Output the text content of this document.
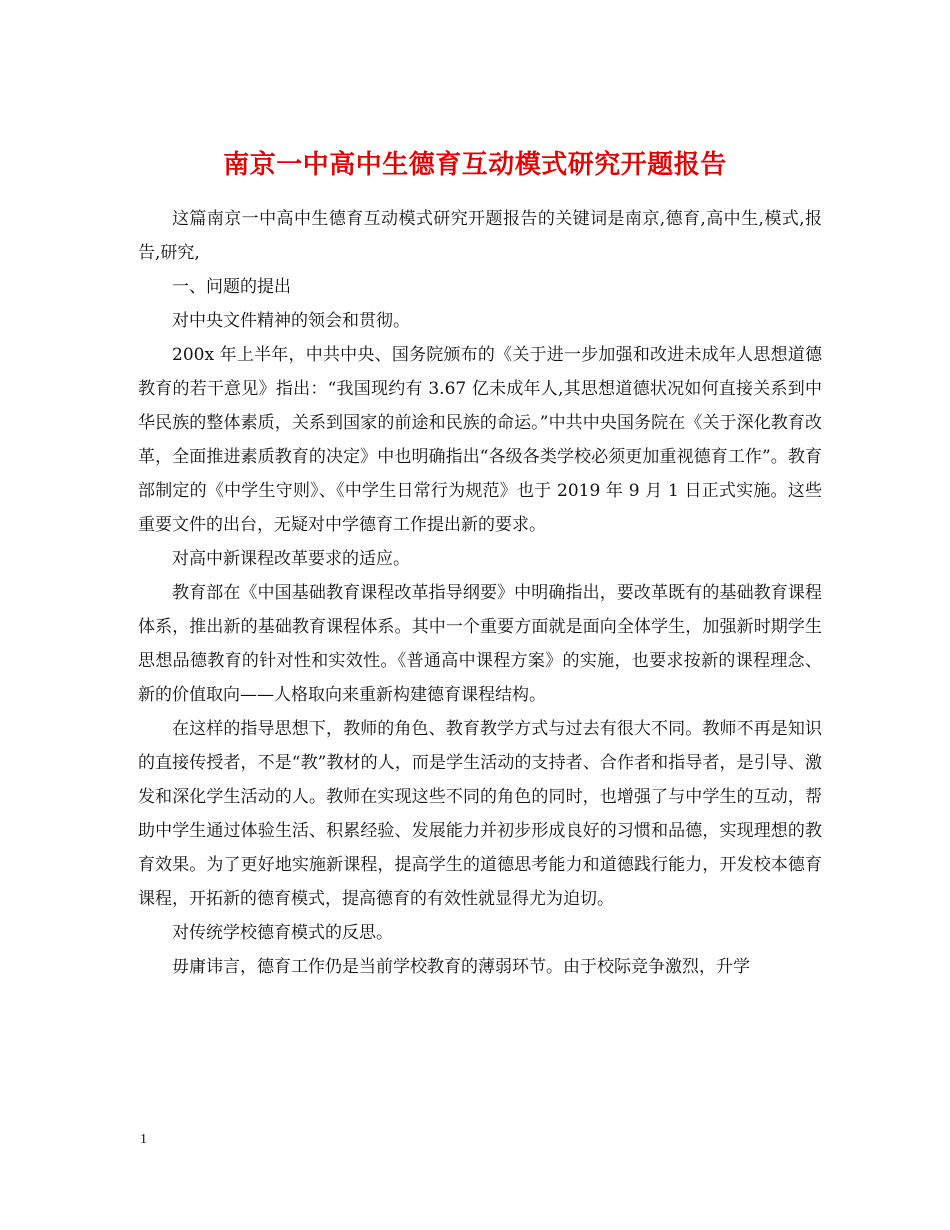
南京一中高中生德育互动模式研究开题报告

这篇南京一中高中生德育互动模式研究开题报告的关键词是南京,德育,高中生,模式,报告,研究,

一、问题的提出

对中央文件精神的领会和贯彻。

200x 年上半年，中共中央、国务院颁布的《关于进一步加强和改进未成年人思想道德教育的若干意见》指出：“我国现约有 3.67 亿未成年人,其思想道德状况如何直接关系到中华民族的整体素质，关系到国家的前途和民族的命运。”中共中央国务院在《关于深化教育改革，全面推进素质教育的决定》中也明确指出“各级各类学校必须更加重视德育工作”。教育部制定的《中学生守则》、《中学生日常行为规范》也于 2019 年 9 月 1 日正式实施。这些重要文件的出台，无疑对中学德育工作提出新的要求。

对高中新课程改革要求的适应。

教育部在《中国基础教育课程改革指导纲要》中明确指出，要改革既有的基础教育课程体系，推出新的基础教育课程体系。其中一个重要方面就是面向全体学生，加强新时期学生思想品德教育的针对性和实效性。《普通高中课程方案》的实施，也要求按新的课程理念、新的价值取向——人格取向来重新构建德育课程结构。

在这样的指导思想下，教师的角色、教育教学方式与过去有很大不同。教师不再是知识的直接传授者，不是“教”教材的人，而是学生活动的支持者、合作者和指导者，是引导、激发和深化学生活动的人。教师在实现这些不同的角色的同时，也增强了与中学生的互动，帮助中学生通过体验生活、积累经验、发展能力并初步形成良好的习惯和品德，实现理想的教育效果。为了更好地实施新课程，提高学生的道德思考能力和道德践行能力，开发校本德育课程，开拓新的德育模式，提高德育的有效性就显得尤为迫切。

对传统学校德育模式的反思。

毋庸讳言，德育工作仍是当前学校教育的薄弱环节。由于校际竞争激烈，升学

1
